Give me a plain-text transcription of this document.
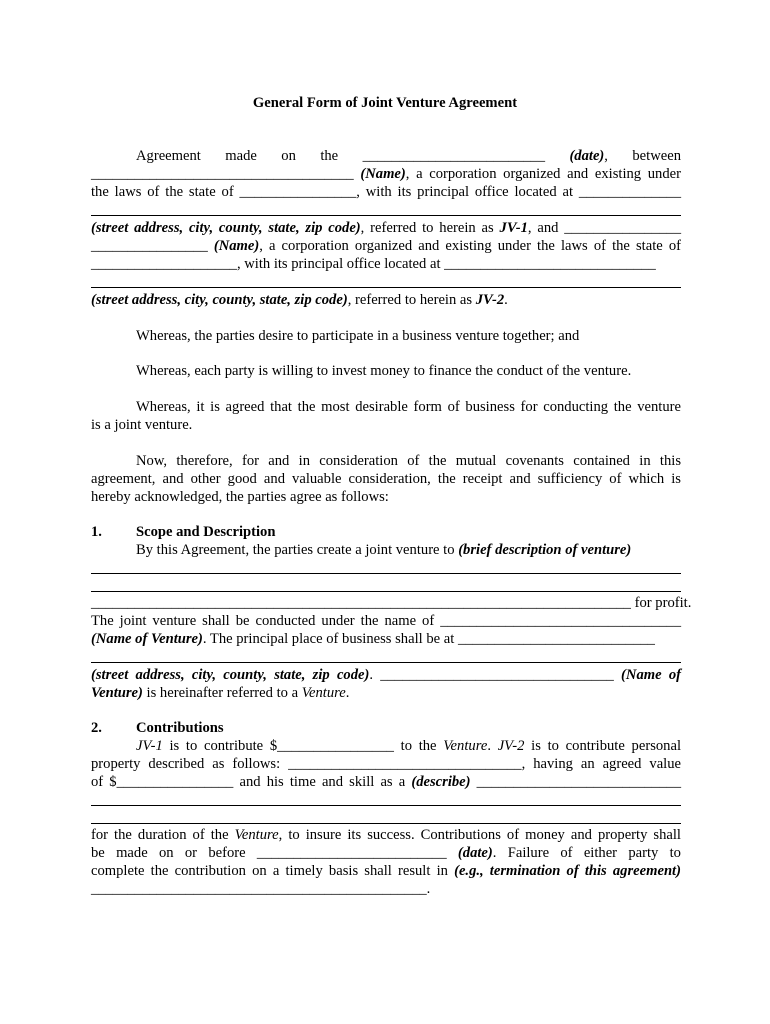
General Form of Joint Venture Agreement
Agreement made on the _________________________ (date), between
____________________________________ (Name), a corporation organized and existing under
the laws of the state of ________________, with its principal office located at ______________
(street address, city, county, state, zip code), referred to herein as JV-1, and ________________
________________ (Name), a corporation organized and existing under the laws of the state of
____________________, with its principal office located at _____________________________
(street address, city, county, state, zip code), referred to herein as JV-2.
Whereas, the parties desire to participate in a business venture together; and
Whereas, each party is willing to invest money to finance the conduct of the venture.
Whereas, it is agreed that the most desirable form of business for conducting the venture
is a joint venture.
Now, therefore, for and in consideration of the mutual covenants contained in this
agreement, and other good and valuable consideration, the receipt and sufficiency of which is
hereby acknowledged, the parties agree as follows:
1. Scope and Description
By this Agreement, the parties create a joint venture to (brief description of venture)
__________________________________________________________________________ for profit.
The joint venture shall be conducted under the name of _________________________________
(Name of Venture). The principal place of business shall be at ___________________________
(street address, city, county, state, zip code). ________________________________ (Name of
Venture) is hereinafter referred to a Venture.
2. Contributions
JV-1 is to contribute $________________ to the Venture. JV-2 is to contribute personal
property described as follows: ________________________________, having an agreed value
of $________________ and his time and skill as a (describe) ____________________________
for the duration of the Venture, to insure its success. Contributions of money and property shall
be made on or before __________________________ (date). Failure of either party to
complete the contribution on a timely basis shall result in (e.g., termination of this agreement)
______________________________________________.
